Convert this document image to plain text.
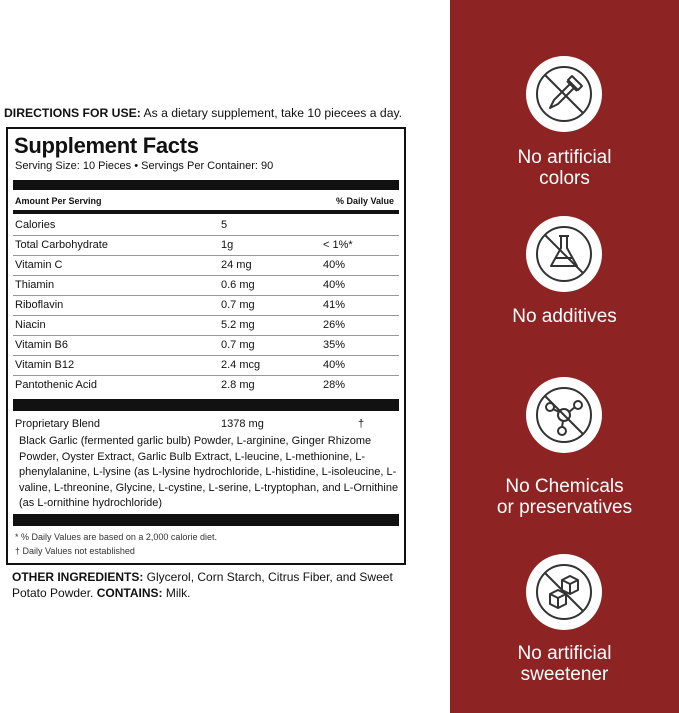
DIRECTIONS FOR USE: As a dietary supplement, take 10 piecees a day.
Supplement Facts
Serving Size: 10 Pieces • Servings Per Container: 90
Amount Per Serving	% Daily Value
Calories	5
Total Carbohydrate	1g	< 1%*
Vitamin C	24 mg	40%
Thiamin	0.6 mg	40%
Riboflavin	0.7 mg	41%
Niacin	5.2 mg	26%
Vitamin B6	0.7 mg	35%
Vitamin B12	2.4 mcg	40%
Pantothenic Acid	2.8 mg	28%
Proprietary Blend	1378 mg	†
Black Garlic (fermented garlic bulb) Powder, L-arginine, Ginger Rhizome Powder, Oyster Extract, Garlic Bulb Extract, L-leucine, L-methionine, L-phenylalanine, L-lysine (as L-lysine hydrochloride, L-histidine, L-isoleucine, L-valine, L-threonine, Glycine, L-cystine, L-serine, L-tryptophan, and L-Ornithine (as L-ornithine hydrochloride)
* % Daily Values are based on a 2,000 calorie diet.
† Daily Values not established
OTHER INGREDIENTS: Glycerol, Corn Starch, Citrus Fiber, and Sweet Potato Powder. CONTAINS: Milk.
No artificial
colors
No additives
No Chemicals
or preservatives
No artificial
sweetener
